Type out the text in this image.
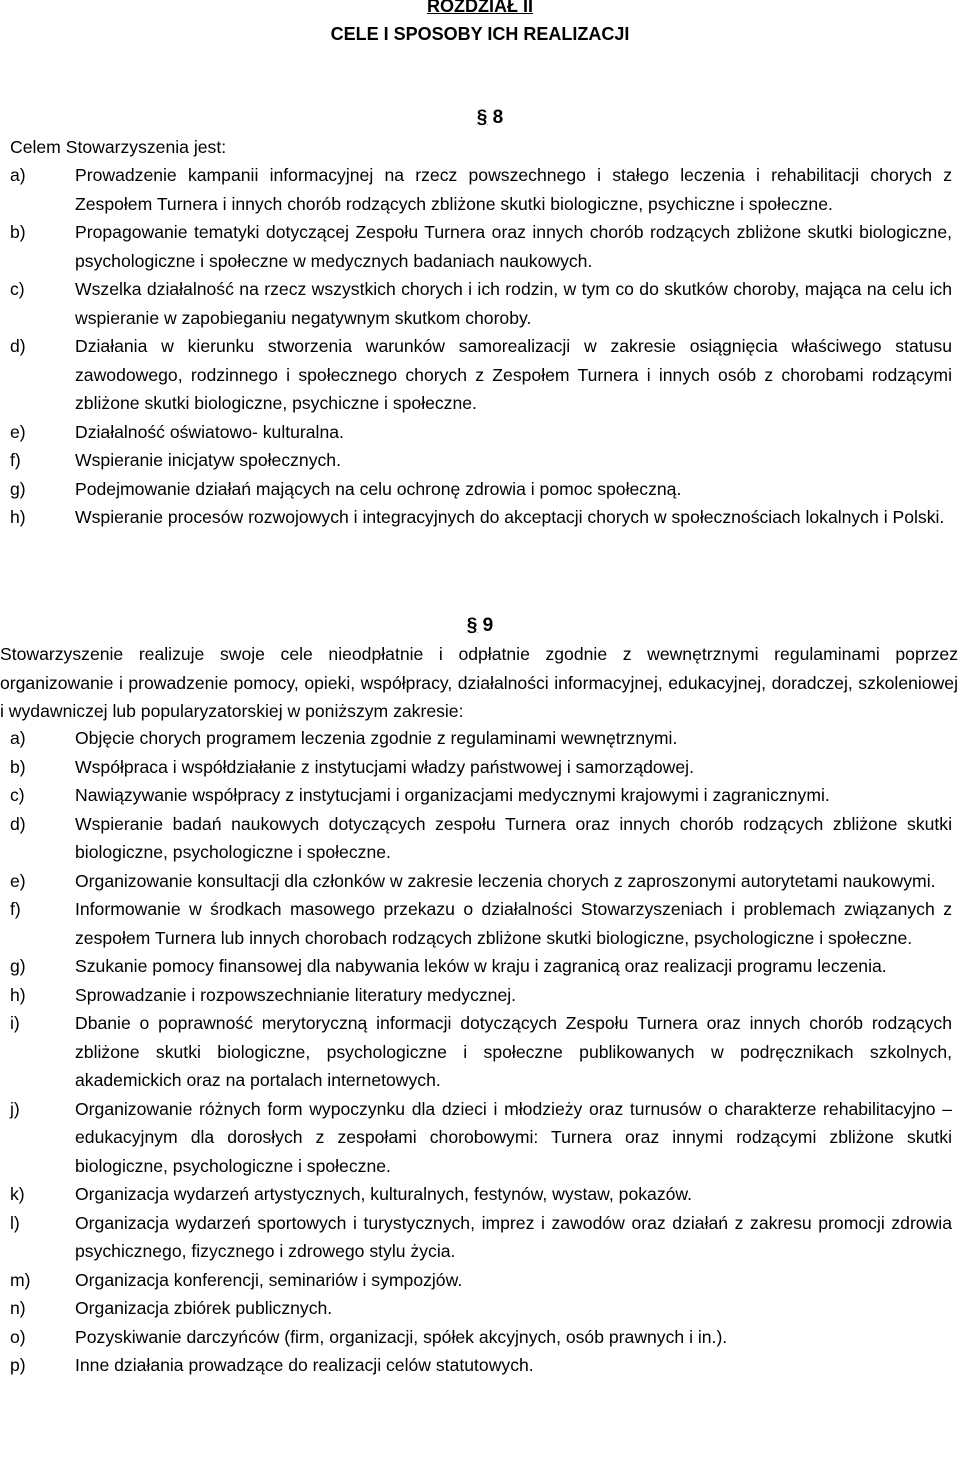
ROZDZIAŁ II
CELE I SPOSOBY ICH REALIZACJI
§ 8

Celem Stowarzyszenia jest:

a)	Prowadzenie kampanii informacyjnej na rzecz powszechnego i stałego leczenia i rehabilitacji chorych z Zespołem Turnera i innych chorób rodzących zbliżone skutki biologiczne, psychiczne i społeczne.
b)	Propagowanie tematyki dotyczącej Zespołu Turnera oraz innych chorób rodzących zbliżone skutki biologiczne, psychologiczne i społeczne w medycznych badaniach naukowych.
c)	Wszelka działalność na rzecz wszystkich chorych i ich rodzin, w tym co do skutków choroby, mająca na celu ich wspieranie w zapobieganiu negatywnym skutkom choroby.
d)	Działania w kierunku stworzenia warunków samorealizacji w zakresie osiągnięcia właściwego statusu zawodowego, rodzinnego i społecznego chorych z Zespołem Turnera i innych osób z chorobami rodzącymi zbliżone skutki biologiczne, psychiczne i społeczne.
e)	Działalność oświatowo- kulturalna.
f)	Wspieranie inicjatyw społecznych.
g)	Podejmowanie działań mających na celu ochronę zdrowia i pomoc społeczną.
h)	Wspieranie procesów rozwojowych i integracyjnych do akceptacji chorych w społecznościach lokalnych i Polski.
§ 9

Stowarzyszenie realizuje swoje cele nieodpłatnie i odpłatnie zgodnie z wewnętrznymi regulaminami poprzez organizowanie i prowadzenie pomocy, opieki, współpracy, działalności informacyjnej, edukacyjnej, doradczej, szkoleniowej i wydawniczej lub popularyzatorskiej w poniższym zakresie:

a)	Objęcie chorych programem leczenia zgodnie z regulaminami wewnętrznymi.
b)	Współpraca i współdziałanie z instytucjami władzy państwowej i samorządowej.
c)	Nawiązywanie współpracy z instytucjami i organizacjami medycznymi krajowymi i zagranicznymi.
d)	Wspieranie badań naukowych dotyczących zespołu Turnera oraz innych chorób rodzących zbliżone skutki biologiczne, psychologiczne i społeczne.
e)	Organizowanie konsultacji dla członków w zakresie leczenia chorych z zaproszonymi autorytetami naukowymi.
f)	Informowanie w środkach masowego przekazu o działalności Stowarzyszeniach i problemach związanych z zespołem Turnera lub innych chorobach rodzących zbliżone skutki biologiczne, psychologiczne i społeczne.
g)	Szukanie pomocy finansowej dla nabywania leków w kraju i zagranicą oraz realizacji programu leczenia.
h)	Sprowadzanie i rozpowszechnianie literatury medycznej.
i)	Dbanie o poprawność merytoryczną informacji dotyczących Zespołu Turnera oraz innych chorób rodzących zbliżone skutki biologiczne, psychologiczne i społeczne publikowanych w podręcznikach szkolnych, akademickich oraz na portalach internetowych.
j)	Organizowanie różnych form wypoczynku dla dzieci i młodzieży oraz turnusów o charakterze rehabilitacyjno – edukacyjnym dla dorosłych z zespołami chorobowymi: Turnera oraz innymi rodzącymi zbliżone skutki biologiczne, psychologiczne i społeczne.
k)	Organizacja wydarzeń artystycznych, kulturalnych, festynów, wystaw, pokazów.
l)	Organizacja wydarzeń sportowych i turystycznych, imprez i zawodów oraz działań z zakresu promocji zdrowia psychicznego, fizycznego i zdrowego stylu życia.
m)	Organizacja konferencji, seminariów i sympozjów.
n)	Organizacja zbiórek publicznych.
o)	Pozyskiwanie darczyńców (firm, organizacji, spółek akcyjnych, osób prawnych i in.).
p)	Inne działania prowadzące do realizacji celów statutowych.
